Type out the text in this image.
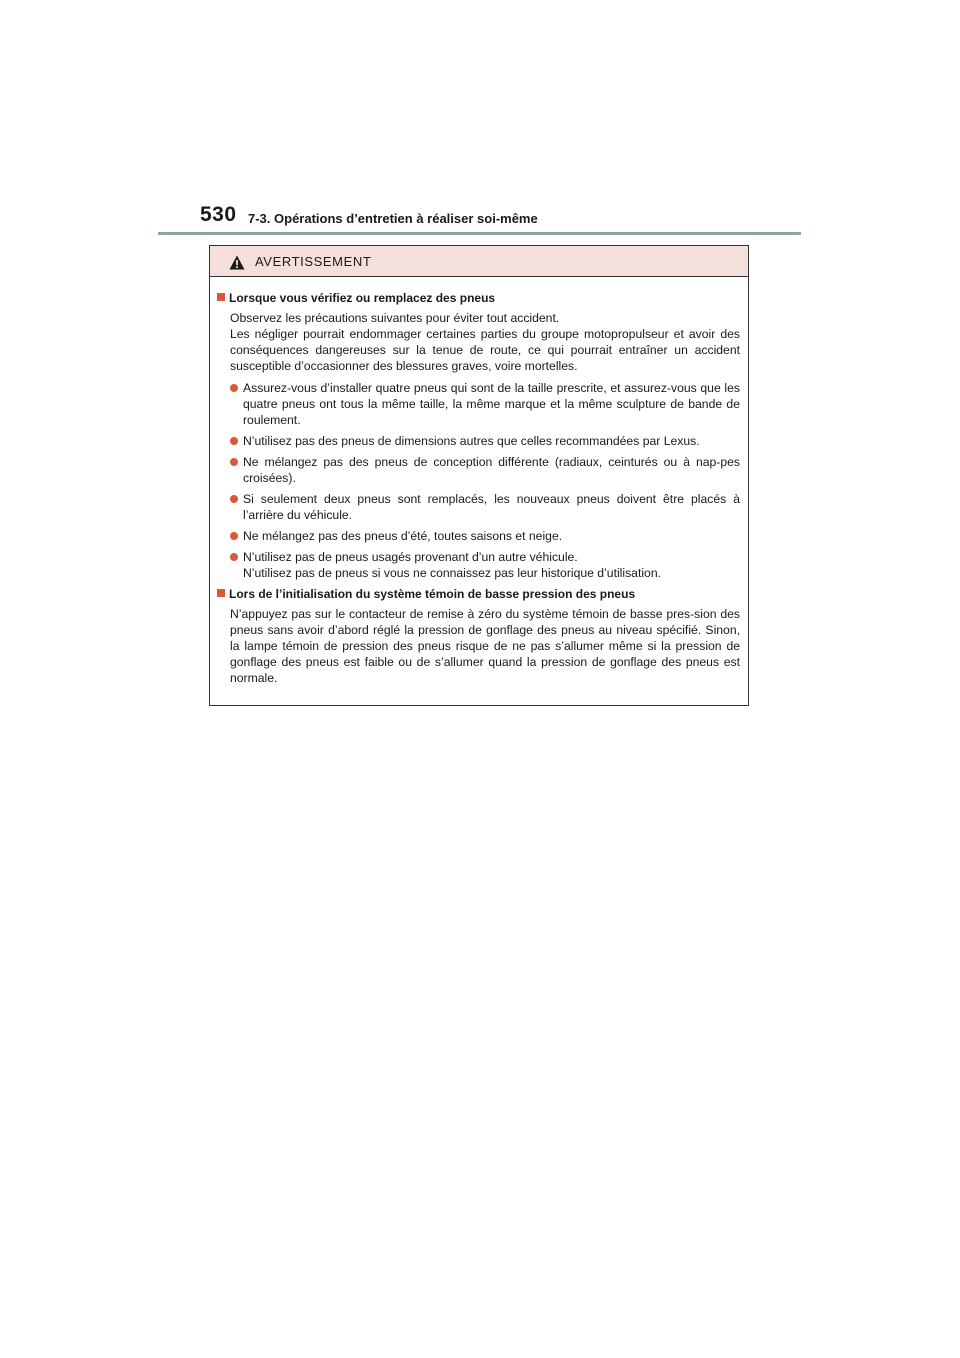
530 7-3. Opérations d’entretien à réaliser soi-même
AVERTISSEMENT
Lorsque vous vérifiez ou remplacez des pneus

Observez les précautions suivantes pour éviter tout accident.

Les négliger pourrait endommager certaines parties du groupe motopropulseur et avoir des conséquences dangereuses sur la tenue de route, ce qui pourrait entraîner un accident susceptible d’occasionner des blessures graves, voire mortelles.

Assurez-vous d’installer quatre pneus qui sont de la taille prescrite, et assurez-vous que les quatre pneus ont tous la même taille, la même marque et la même sculpture de bande de roulement.

N’utilisez pas des pneus de dimensions autres que celles recommandées par Lexus.

Ne mélangez pas des pneus de conception différente (radiaux, ceinturés ou à nap-pes croisées).

Si seulement deux pneus sont remplacés, les nouveaux pneus doivent être placés à l’arrière du véhicule.

Ne mélangez pas des pneus d’été, toutes saisons et neige.

N’utilisez pas de pneus usagés provenant d’un autre véhicule.

N’utilisez pas de pneus si vous ne connaissez pas leur historique d’utilisation.

Lors de l’initialisation du système témoin de basse pression des pneus

N’appuyez pas sur le contacteur de remise à zéro du système témoin de basse pres-sion des pneus sans avoir d’abord réglé la pression de gonflage des pneus au niveau spécifié. Sinon, la lampe témoin de pression des pneus risque de ne pas s’allumer même si la pression de gonflage des pneus est faible ou de s’allumer quand la pression de gonflage des pneus est normale.
